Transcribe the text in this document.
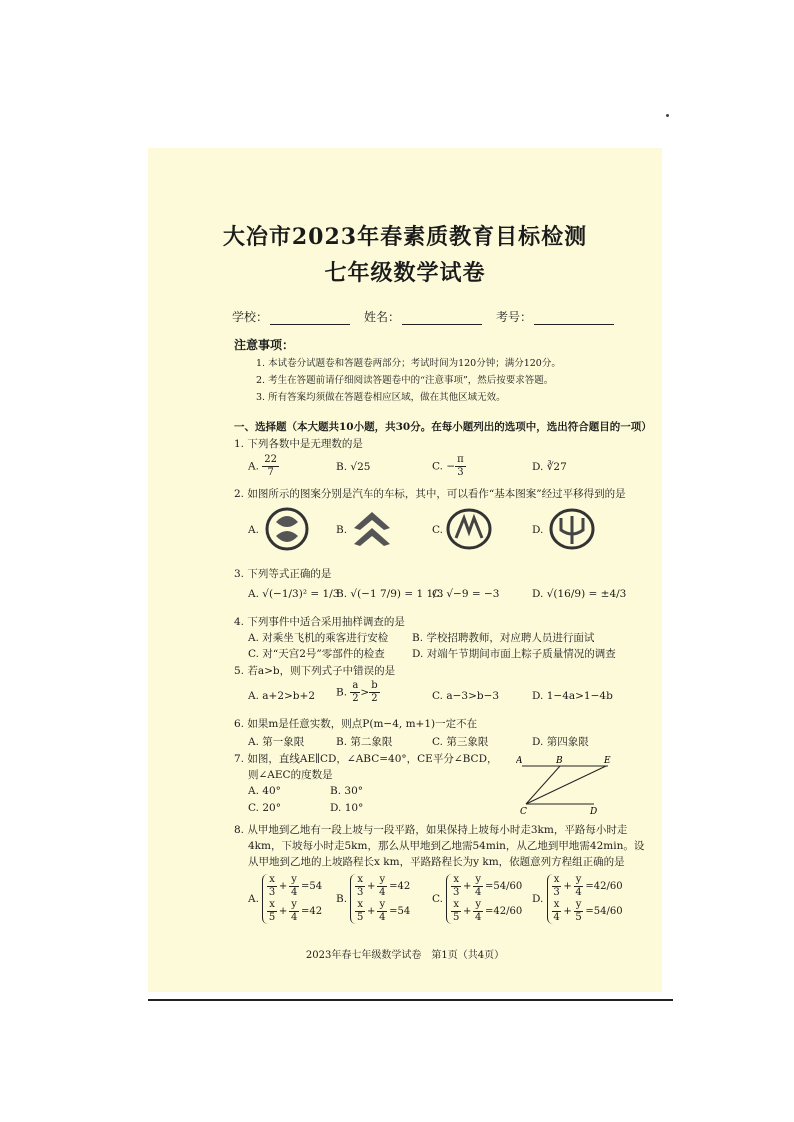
大冶市2023年春素质教育目标检测
七年级数学试卷
学校：	姓名：	考号：
注意事项：
1. 本试卷分试题卷和答题卷两部分；考试时间为120分钟；满分120分。
2. 考生在答题前请仔细阅读答题卷中的“注意事项”，然后按要求答题。
3. 所有答案均须做在答题卷相应区域，做在其他区域无效。
一、选择题（本大题共10小题，共30分。在每小题列出的选项中，选出符合题目的一项）
1. 下列各数中是无理数的是
A. $\frac{22}{7}$	B. √25	C. − $\frac{\pi}{3}$	D. ∛27
2. 如图所示的图案分别是汽车的车标，其中，可以看作“基本图案”经过平移得到的是
A.	B.	C.	D.
3. 下列等式正确的是
A. √(−1/3)² = 1/3
B. √(−1 7/9) = 1 1/3
C. √−9 = −3	D. √(16/9) = ±4/3
4. 下列事件中适合采用抽样调查的是
A. 对乘坐飞机的乘客进行安检 B. 学校招聘教师，对应聘人员进行面试
C. 对“天宫2号”零部件的检查	D. 对端午节期间市面上粽子质量情况的调查
5. 若a>b，则下列式子中错误的是
A. a+2>b+2 B. $\frac{a}{2} > \frac{b}{2}$	C. a−3>b−3	D. 1−4a>1−4b
6. 如果m是任意实数，则点P(m−4, m+1)一定不在
A. 第一象限	B. 第二象限	C. 第三象限	D. 第四象限
7. 如图，直线AE∥CD，∠ABC=40°，CE平分∠BCD，
则∠AEC的度数是
A. 40°	B. 30°
C. 20°	D. 10°
A	B	E
C	D
8. 从甲地到乙地有一段上坡与一段平路，如果保持上坡每小时走3km，平路每小时走
4km，下坡每小时走5km，那么从甲地到乙地需54min，从乙地到甲地需42min。设
从甲地到乙地的上坡路程长x km，平路路程长为y km，依题意列方程组正确的是
A. $\frac{x}{3} + \frac{y}{4} =54$
$\frac{x}{5} + \frac{y}{4} =42$
B. $\frac{x}{3} + \frac{y}{4} =42$
$\frac{x}{5} + \frac{y}{4} =54$
C. $\frac{x}{3} + \frac{y}{4} =54/60$
$\frac{x}{5} + \frac{y}{4} =42/60$
D. $\frac{x}{3} + \frac{y}{4} =42/60$
$\frac{x}{4} + \frac{y}{5} =54/60$
2023年春七年级数学试卷　第1页（共4页）
